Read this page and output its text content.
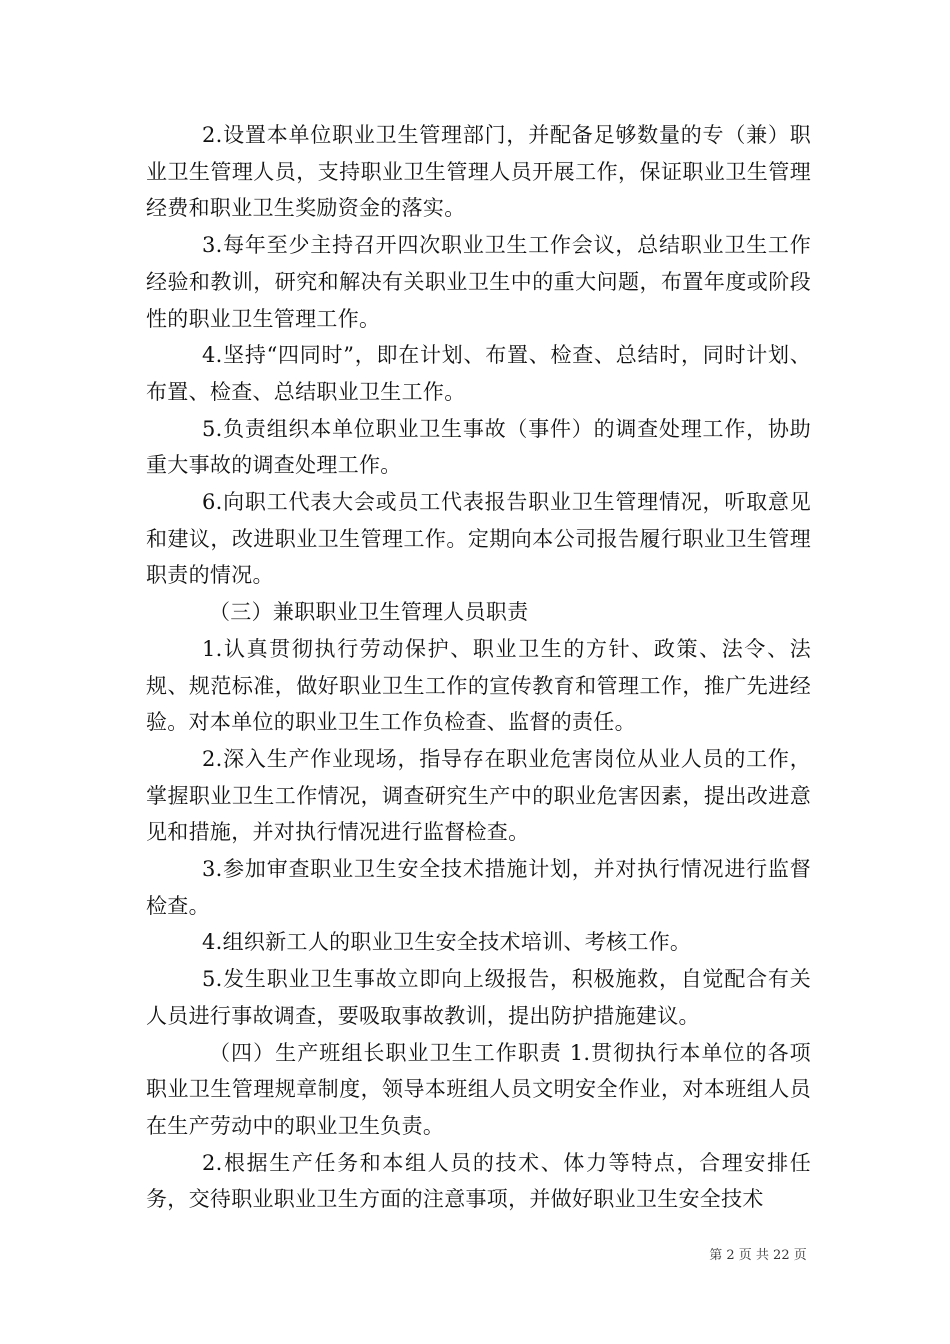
2.设置本单位职业卫生管理部门，并配备足够数量的专（兼）职业卫生管理人员，支持职业卫生管理人员开展工作，保证职业卫生管理经费和职业卫生奖励资金的落实。

3.每年至少主持召开四次职业卫生工作会议，总结职业卫生工作经验和教训，研究和解决有关职业卫生中的重大问题，布置年度或阶段性的职业卫生管理工作。

4.坚持“四同时”，即在计划、布置、检查、总结时，同时计划、布置、检查、总结职业卫生工作。

5.负责组织本单位职业卫生事故（事件）的调查处理工作，协助重大事故的调查处理工作。

6.向职工代表大会或员工代表报告职业卫生管理情况，听取意见和建议，改进职业卫生管理工作。定期向本公司报告履行职业卫生管理职责的情况。

（三）兼职职业卫生管理人员职责

1.认真贯彻执行劳动保护、职业卫生的方针、政策、法令、法规、规范标准，做好职业卫生工作的宣传教育和管理工作，推广先进经验。对本单位的职业卫生工作负检查、监督的责任。

2.深入生产作业现场，指导存在职业危害岗位从业人员的工作，掌握职业卫生工作情况，调查研究生产中的职业危害因素，提出改进意见和措施，并对执行情况进行监督检查。

3.参加审查职业卫生安全技术措施计划，并对执行情况进行监督检查。

4.组织新工人的职业卫生安全技术培训、考核工作。

5.发生职业卫生事故立即向上级报告，积极施救，自觉配合有关人员进行事故调查，要吸取事故教训，提出防护措施建议。

（四）生产班组长职业卫生工作职责 1.贯彻执行本单位的各项职业卫生管理规章制度，领导本班组人员文明安全作业，对本班组人员在生产劳动中的职业卫生负责。

2.根据生产任务和本组人员的技术、体力等特点，合理安排任务，交待职业职业卫生方面的注意事项，并做好职业卫生安全技术

第 2 页 共 22 页
